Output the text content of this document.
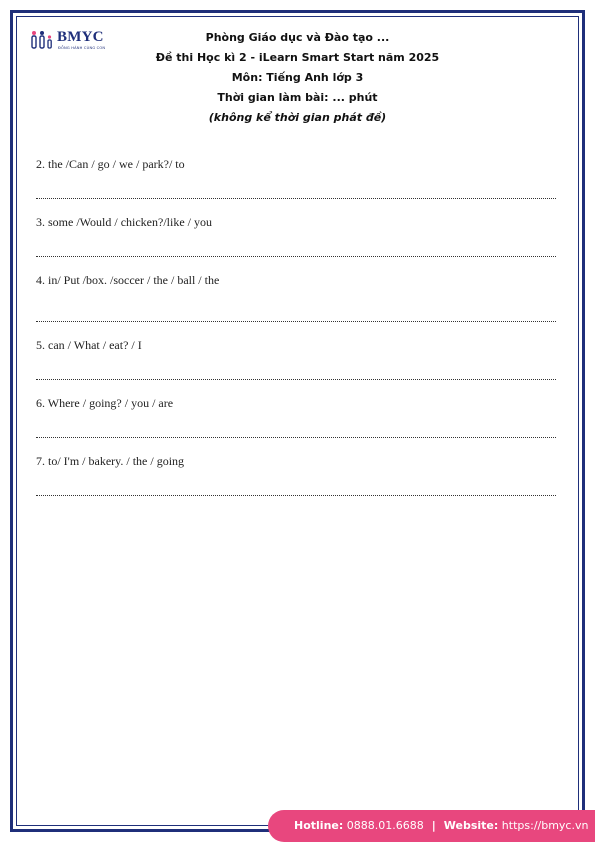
BMYC
ĐỒNG HÀNH CÙNG CON
Phòng Giáo dục và Đào tạo ...
Đề thi Học kì 2 - iLearn Smart Start năm 2025
Môn: Tiếng Anh lớp 3
Thời gian làm bài: ... phút
(không kể thời gian phát đề)
2. the /Can / go / we / park?/ to
3. some /Would / chicken?/like / you
4. in/ Put /box. /soccer / the / ball / the
5. can / What / eat? / I
6. Where / going? / you / are
7. to/ I'm / bakery. / the / going
Hotline: 0888.01.6688 | Website: https://bmyc.vn
